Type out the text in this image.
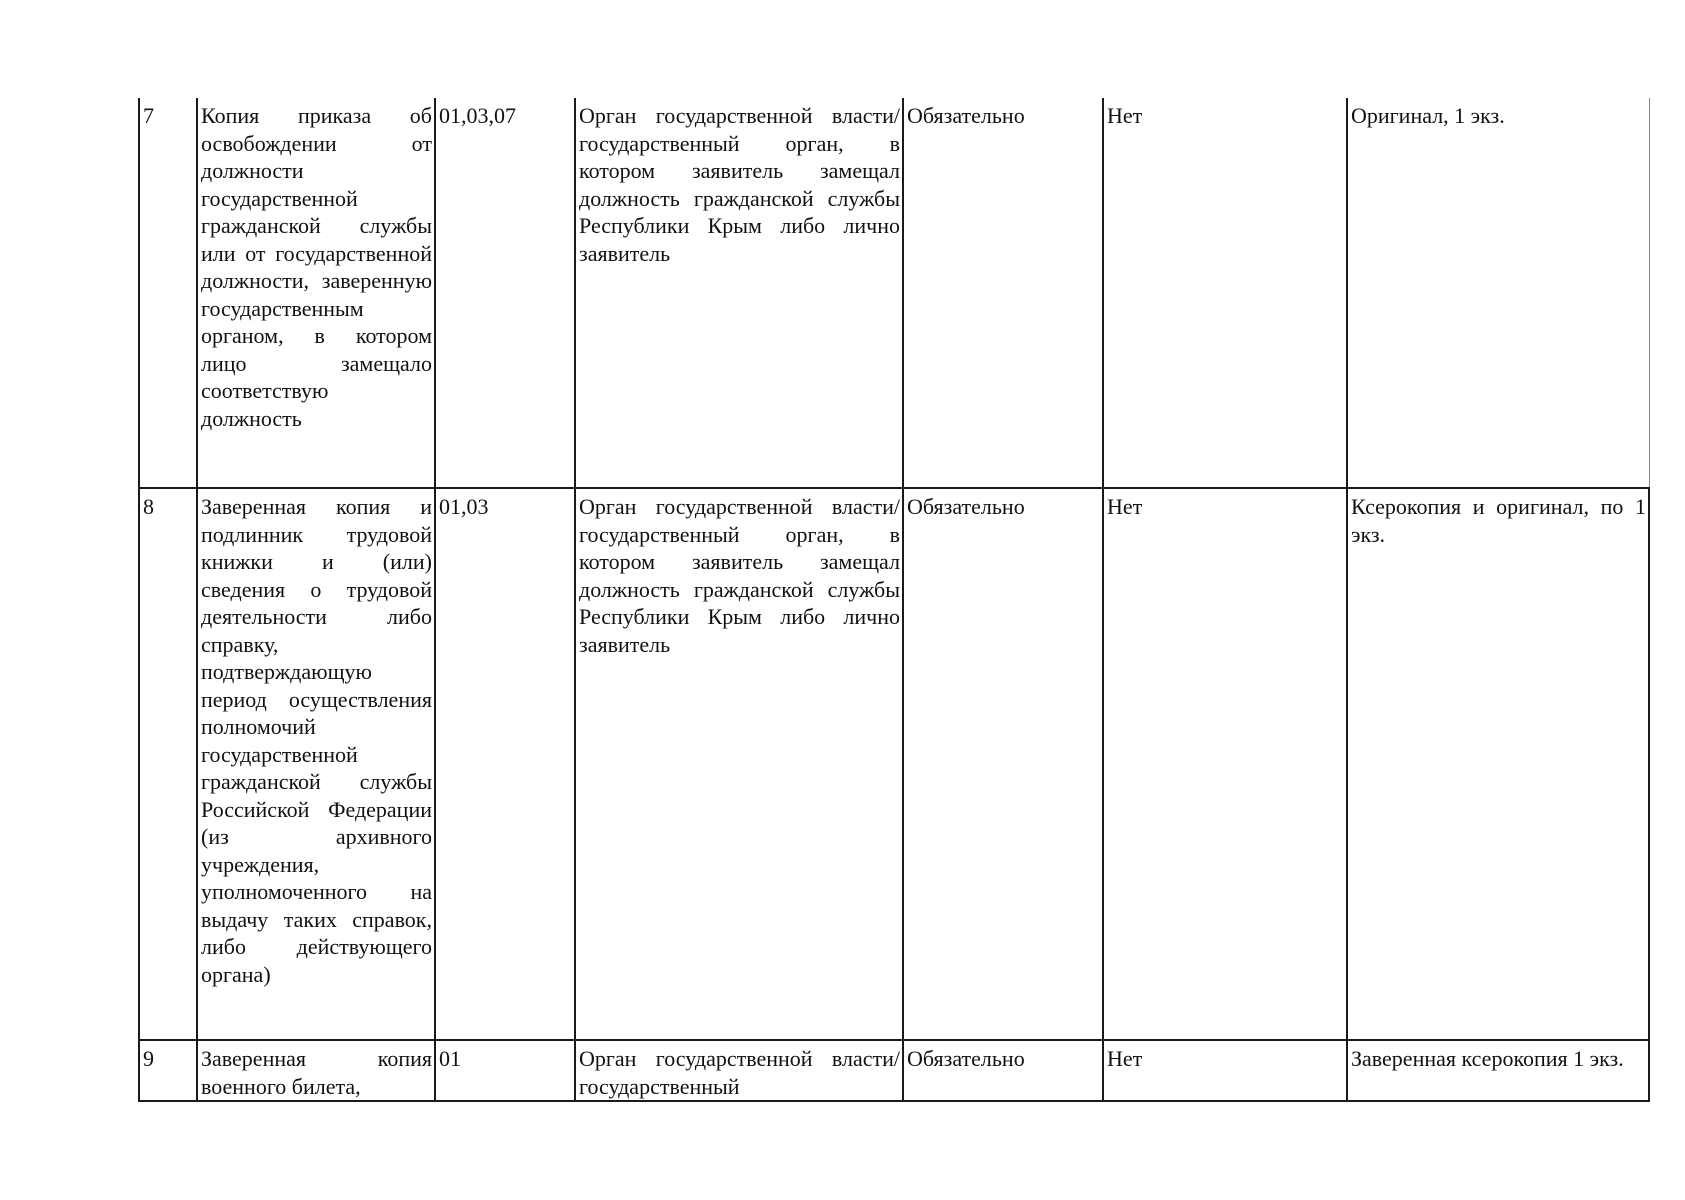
7	Копия приказа об освобождении от должности государственной гражданской службы или от государственной должности, заверенную государственным органом, в котором лицо замещало соответствую должность	01,03,07	Орган государственной власти/государственный орган, в котором заявитель замещал должность гражданской службы Республики Крым либо лично заявитель	Обязательно	Нет	Оригинал, 1 экз.
8	Заверенная копия и подлинник трудовой книжки и (или) сведения о трудовой деятельности либо справку, подтверждающую период осуществления полномочий государственной гражданской службы Российской Федерации (из архивного учреждения, уполномоченного на выдачу таких справок, либо действующего органа)	01,03	Орган государственной власти/государственный орган, в котором заявитель замещал должность гражданской службы Республики Крым либо лично заявитель	Обязательно	Нет	Ксерокопия и оригинал, по 1 экз.
9	Заверенная копия военного билета,	01	Орган государственной власти/государственный	Обязательно	Нет	Заверенная ксерокопия 1 экз.
